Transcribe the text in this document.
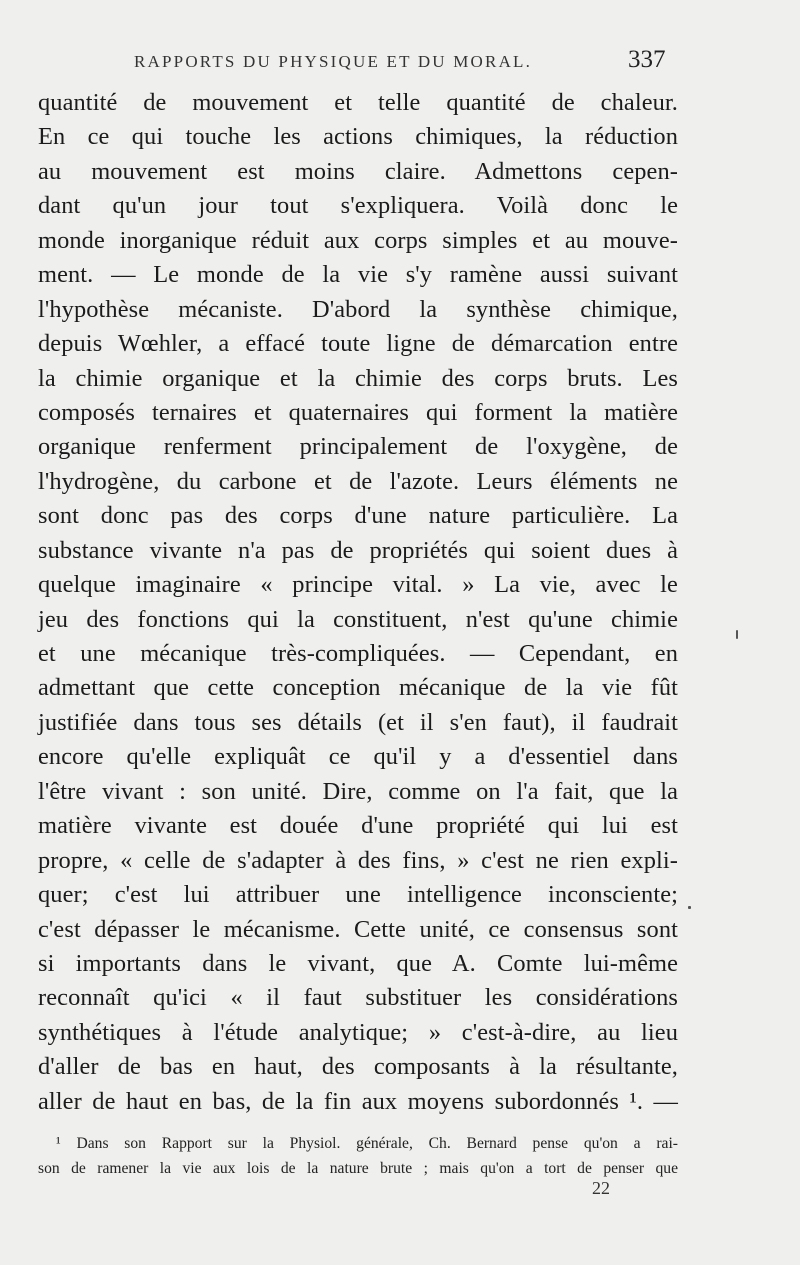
RAPPORTS DU PHYSIQUE ET DU MORAL.	337
quantité de mouvement et telle quantité de chaleur.
En ce qui touche les actions chimiques, la réduction
au mouvement est moins claire. Admettons cepen-
dant qu'un jour tout s'expliquera. Voilà donc le
monde inorganique réduit aux corps simples et au mouve-
ment. — Le monde de la vie s'y ramène aussi suivant
l'hypothèse mécaniste. D'abord la synthèse chimique,
depuis Wœhler, a effacé toute ligne de démarcation entre
la chimie organique et la chimie des corps bruts. Les
composés ternaires et quaternaires qui forment la matière
organique renferment principalement de l'oxygène, de
l'hydrogène, du carbone et de l'azote. Leurs éléments ne
sont donc pas des corps d'une nature particulière. La
substance vivante n'a pas de propriétés qui soient dues à
quelque imaginaire « principe vital. » La vie, avec le
jeu des fonctions qui la constituent, n'est qu'une chimie
et une mécanique très-compliquées. — Cependant, en
admettant que cette conception mécanique de la vie fût
justifiée dans tous ses détails (et il s'en faut), il faudrait
encore qu'elle expliquât ce qu'il y a d'essentiel dans
l'être vivant : son unité. Dire, comme on l'a fait, que la
matière vivante est douée d'une propriété qui lui est
propre, « celle de s'adapter à des fins, » c'est ne rien expli-
quer; c'est lui attribuer une intelligence inconsciente;
c'est dépasser le mécanisme. Cette unité, ce consensus sont
si importants dans le vivant, que A. Comte lui-même
reconnaît qu'ici « il faut substituer les considérations
synthétiques à l'étude analytique; » c'est-à-dire, au lieu
d'aller de bas en haut, des composants à la résultante,
aller de haut en bas, de la fin aux moyens subordonnés ¹. —
¹ Dans son Rapport sur la Physiol. générale, Ch. Bernard pense qu'on a rai-
son de ramener la vie aux lois de la nature brute ; mais qu'on a tort de penser que
22
